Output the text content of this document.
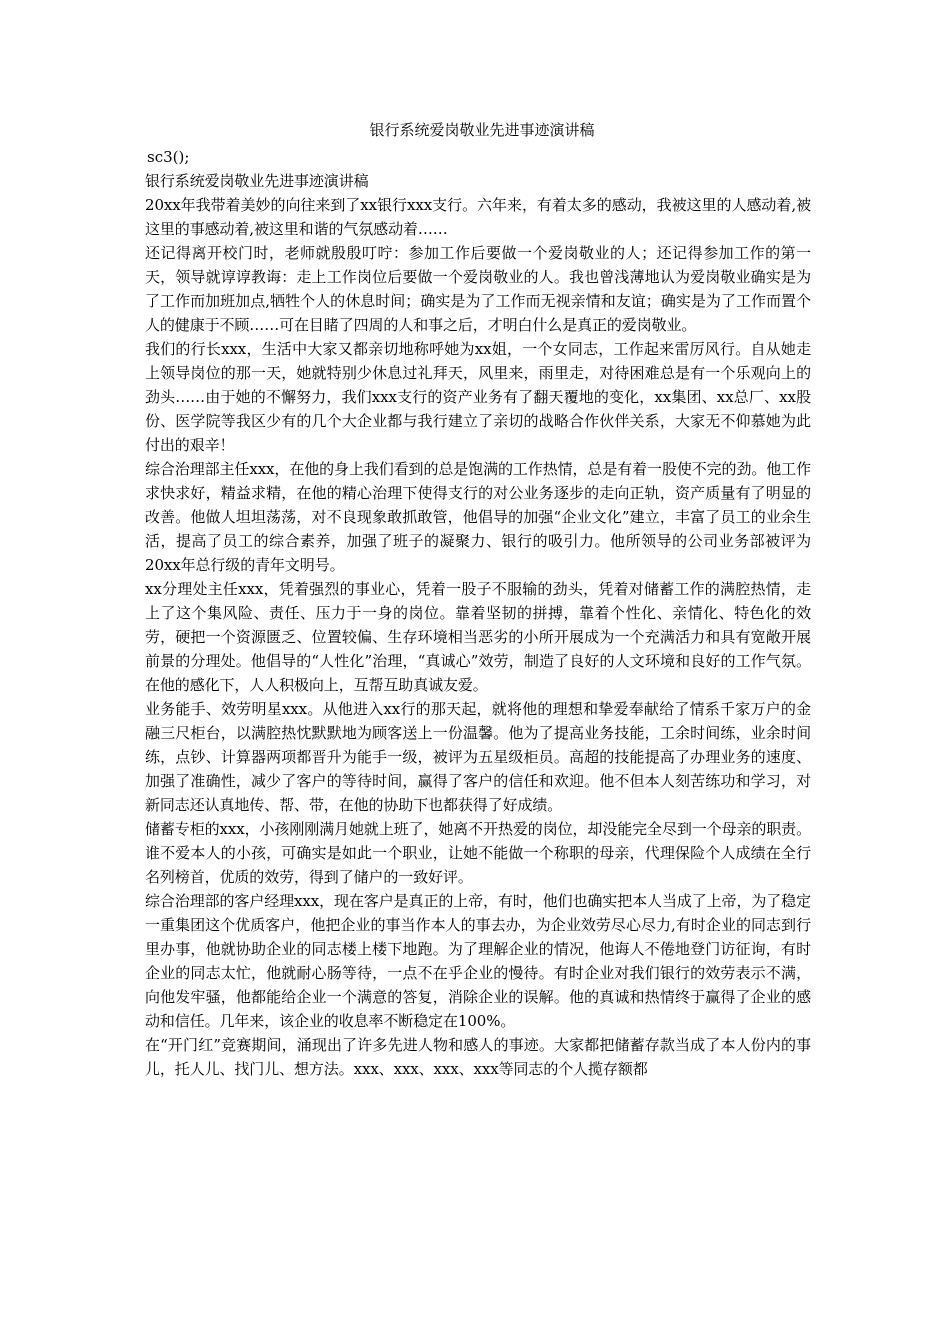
银行系统爱岗敬业先进事迹演讲稿
sc3();

银行系统爱岗敬业先进事迹演讲稿

20xx年我带着美妙的向往来到了xx银行xxx支行。六年来，有着太多的感动，我被这里的人感动着,被这里的事感动着,被这里和谐的气氛感动着……

还记得离开校门时，老师就殷殷叮咛：参加工作后要做一个爱岗敬业的人；还记得参加工作的第一天，领导就谆谆教诲：走上工作岗位后要做一个爱岗敬业的人。我也曾浅薄地认为爱岗敬业确实是为了工作而加班加点,牺牲个人的休息时间；确实是为了工作而无视亲情和友谊；确实是为了工作而置个人的健康于不顾……可在目睹了四周的人和事之后，才明白什么是真正的爱岗敬业。

我们的行长xxx，生活中大家又都亲切地称呼她为xx姐，一个女同志，工作起来雷厉风行。自从她走上领导岗位的那一天，她就特别少休息过礼拜天，风里来，雨里走，对待困难总是有一个乐观向上的劲头……由于她的不懈努力，我们xxx支行的资产业务有了翻天覆地的变化，xx集团、xx总厂、xx股份、医学院等我区少有的几个大企业都与我行建立了亲切的战略合作伙伴关系，大家无不仰慕她为此付出的艰辛！

综合治理部主任xxx，在他的身上我们看到的总是饱满的工作热情，总是有着一股使不完的劲。他工作求快求好，精益求精，在他的精心治理下使得支行的对公业务逐步的走向正轨，资产质量有了明显的改善。他做人坦坦荡荡，对不良现象敢抓敢管，他倡导的加强“企业文化”建立，丰富了员工的业余生活，提高了员工的综合素养，加强了班子的凝聚力、银行的吸引力。他所领导的公司业务部被评为20xx年总行级的青年文明号。

xx分理处主任xxx，凭着强烈的事业心，凭着一股子不服输的劲头，凭着对储蓄工作的满腔热情，走上了这个集风险、责任、压力于一身的岗位。靠着坚韧的拼搏，靠着个性化、亲情化、特色化的效劳，硬把一个资源匮乏、位置较偏、生存环境相当恶劣的小所开展成为一个充满活力和具有宽敞开展前景的分理处。他倡导的“人性化”治理，“真诚心”效劳，制造了良好的人文环境和良好的工作气氛。在他的感化下，人人积极向上，互帮互助真诚友爱。

业务能手、效劳明星xxx。从他进入xx行的那天起，就将他的理想和挚爱奉献给了情系千家万户的金融三尺柜台，以满腔热忱默默地为顾客送上一份温馨。他为了提高业务技能，工余时间练，业余时间练，点钞、计算器两项都晋升为能手一级，被评为五星级柜员。高超的技能提高了办理业务的速度、加强了准确性，减少了客户的等待时间，赢得了客户的信任和欢迎。他不但本人刻苦练功和学习，对新同志还认真地传、帮、带，在他的协助下也都获得了好成绩。

储蓄专柜的xxx，小孩刚刚满月她就上班了，她离不开热爱的岗位，却没能完全尽到一个母亲的职责。谁不爱本人的小孩，可确实是如此一个职业，让她不能做一个称职的母亲，代理保险个人成绩在全行名列榜首，优质的效劳，得到了储户的一致好评。

综合治理部的客户经理xxx，现在客户是真正的上帝，有时，他们也确实把本人当成了上帝，为了稳定一重集团这个优质客户，他把企业的事当作本人的事去办，为企业效劳尽心尽力,有时企业的同志到行里办事，他就协助企业的同志楼上楼下地跑。为了理解企业的情况，他诲人不倦地登门访征询，有时企业的同志太忙，他就耐心肠等待，一点不在乎企业的慢待。有时企业对我们银行的效劳表示不满，向他发牢骚，他都能给企业一个满意的答复，消除企业的误解。他的真诚和热情终于赢得了企业的感动和信任。几年来，该企业的收息率不断稳定在100%。

在“开门红”竞赛期间，涌现出了许多先进人物和感人的事迹。大家都把储蓄存款当成了本人份内的事儿，托人儿、找门儿、想方法。xxx、xxx、xxx、xxx等同志的个人揽存额都
